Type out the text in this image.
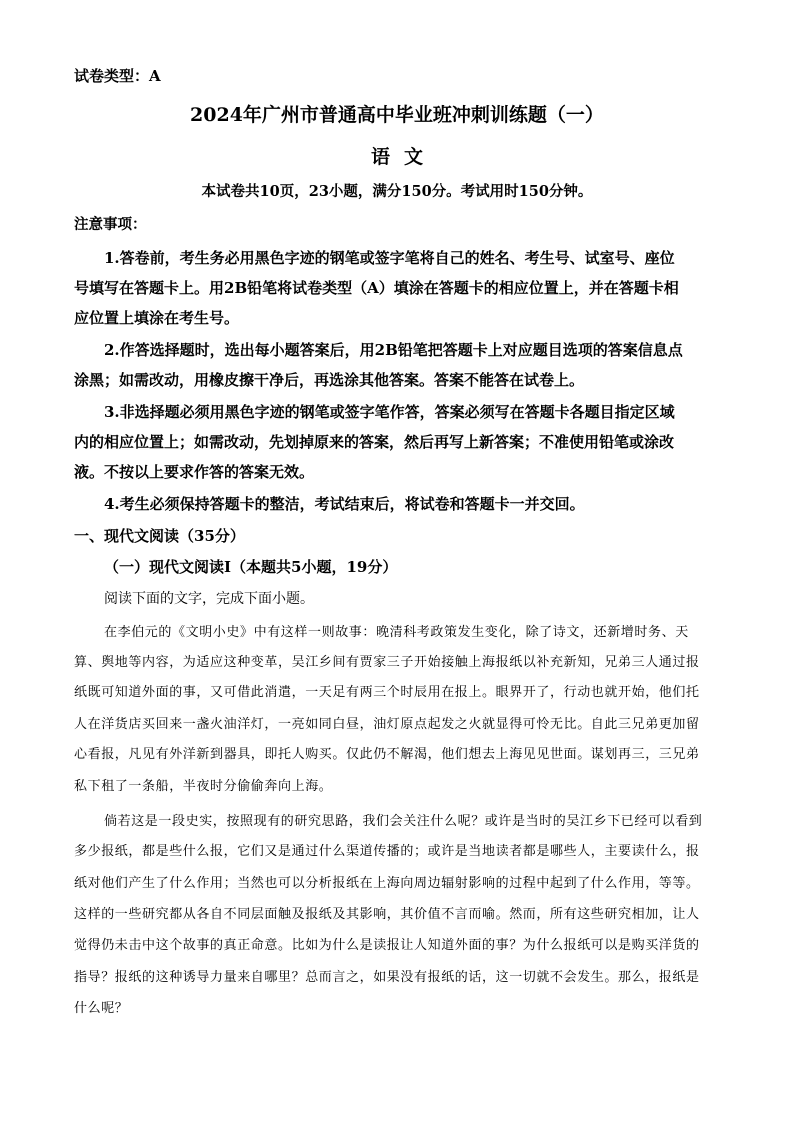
试卷类型：A
2024年广州市普通高中毕业班冲刺训练题（一）
语文
本试卷共10页，23小题，满分150分。考试用时150分钟。
注意事项：
1.答卷前，考生务必用黑色字迹的钢笔或签字笔将自己的姓名、考生号、试室号、座位
号填写在答题卡上。用2B铅笔将试卷类型（A）填涂在答题卡的相应位置上，并在答题卡相
应位置上填涂在考生号。
2.作答选择题时，选出每小题答案后，用2B铅笔把答题卡上对应题目选项的答案信息点
涂黑；如需改动，用橡皮擦干净后，再选涂其他答案。答案不能答在试卷上。
3.非选择题必须用黑色字迹的钢笔或签字笔作答，答案必须写在答题卡各题目指定区域
内的相应位置上；如需改动，先划掉原来的答案，然后再写上新答案；不准使用铅笔或涂改
液。不按以上要求作答的答案无效。
4.考生必须保持答题卡的整洁，考试结束后，将试卷和答题卡一并交回。
一、现代文阅读（35分）
（一）现代文阅读Ⅰ（本题共5小题，19分）
阅读下面的文字，完成下面小题。
在李伯元的《文明小史》中有这样一则故事：晚清科考政策发生变化，除了诗文，还新增时务、天
算、舆地等内容，为适应这种变革，吴江乡间有贾家三子开始接触上海报纸以补充新知，兄弟三人通过报
纸既可知道外面的事，又可借此消遣，一天足有两三个时辰用在报上。眼界开了，行动也就开始，他们托
人在洋货店买回来一盏火油洋灯，一亮如同白昼，油灯原点起发之火就显得可怜无比。自此三兄弟更加留
心看报，凡见有外洋新到器具，即托人购买。仅此仍不解渴，他们想去上海见见世面。谋划再三，三兄弟
私下租了一条船，半夜时分偷偷奔向上海。
倘若这是一段史实，按照现有的研究思路，我们会关注什么呢？或许是当时的吴江乡下已经可以看到
多少报纸，都是些什么报，它们又是通过什么渠道传播的；或许是当地读者都是哪些人，主要读什么，报
纸对他们产生了什么作用；当然也可以分析报纸在上海向周边辐射影响的过程中起到了什么作用，等等。
这样的一些研究都从各自不同层面触及报纸及其影响，其价值不言而喻。然而，所有这些研究相加，让人
觉得仍未击中这个故事的真正命意。比如为什么是读报让人知道外面的事？为什么报纸可以是购买洋货的
指导？报纸的这种诱导力量来自哪里？总而言之，如果没有报纸的话，这一切就不会发生。那么，报纸是
什么呢？
